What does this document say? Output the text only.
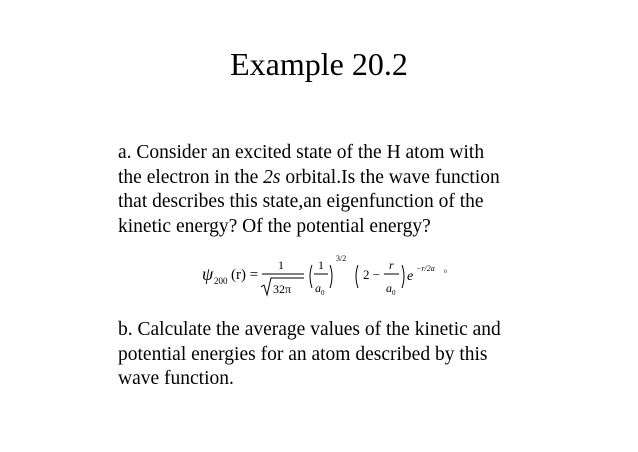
Example 20.2
a. Consider an excited state of the H atom with
the electron in the 2s orbital.Is the wave function
that describes this state,an eigenfunction of the
kinetic energy? Of the potential energy?
ψ 200 (r) =
1
32π
1
a 0
3/2
2 −
r
a 0
e
−r/2a 0
b. Calculate the average values of the kinetic and
potential energies for an atom described by this
wave function.
